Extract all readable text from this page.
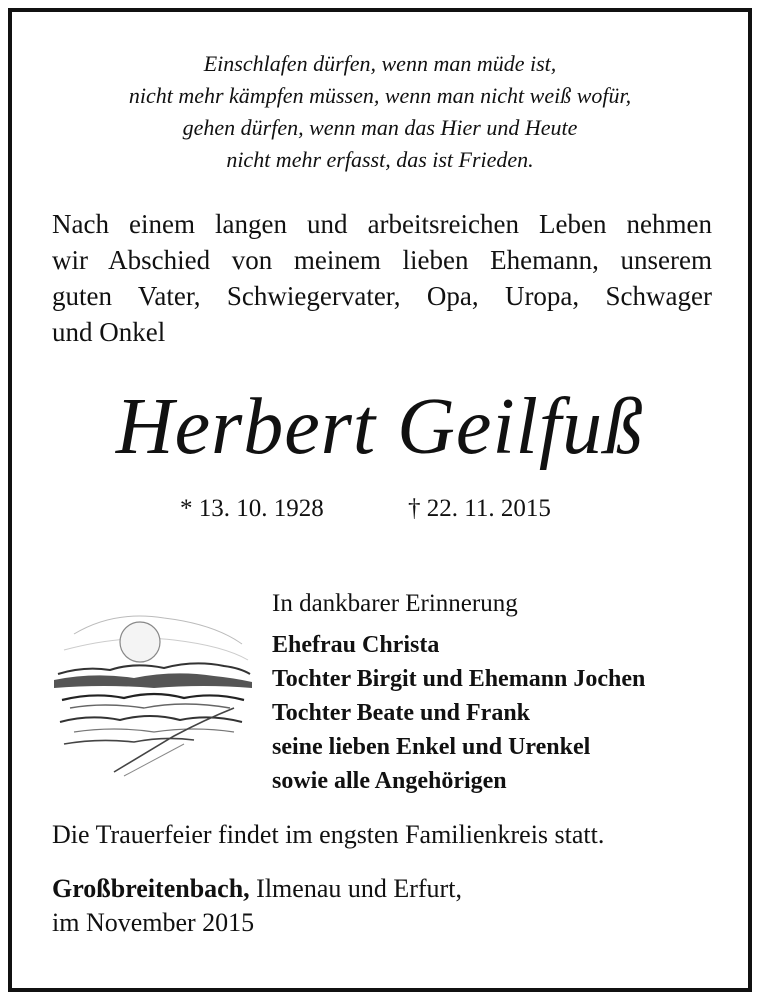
Einschlafen dürfen, wenn man müde ist,
nicht mehr kämpfen müssen, wenn man nicht weiß wofür,
gehen dürfen, wenn man das Hier und Heute
nicht mehr erfasst, das ist Frieden.
Nach einem langen und arbeitsreichen Leben nehmen
wir Abschied von meinem lieben Ehemann, unserem
guten Vater, Schwiegervater, Opa, Uropa, Schwager
und Onkel
Herbert Geilfuß
* 13. 10. 1928	† 22. 11. 2015
In dankbarer Erinnerung
Ehefrau Christa
Tochter Birgit und Ehemann Jochen
Tochter Beate und Frank
seine lieben Enkel und Urenkel
sowie alle Angehörigen
Die Trauerfeier findet im engsten Familienkreis statt.
Großbreitenbach, Ilmenau und Erfurt,
im November 2015
